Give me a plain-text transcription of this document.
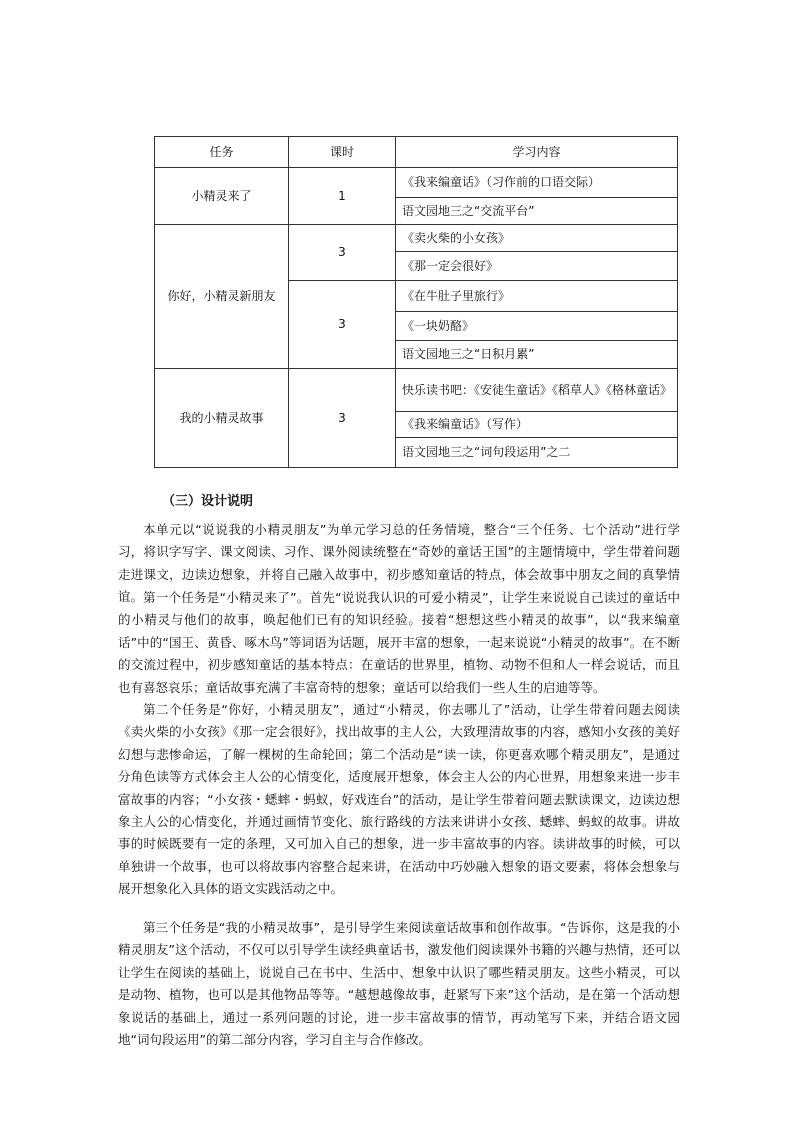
任务	课时	学习内容
小精灵来了	1	《我来编童话》（习作前的口语交际）
		语文园地三之“交流平台”
你好，小精灵新朋友	3	《卖火柴的小女孩》
		《那一定会很好》
	3	《在牛肚子里旅行》
		《一块奶酪》
		语文园地三之“日积月累”
我的小精灵故事	3	快乐读书吧：《安徒生童话》《稻草人》《格林童话》
		《我来编童话》（写作）
		语文园地三之“词句段运用”之二
（三）设计说明

本单元以“说说我的小精灵朋友”为单元学习总的任务情境，整合“三个任务、七个活动”进行学习，将识字写字、课文阅读、习作、课外阅读统整在“奇妙的童话王国”的主题情境中，学生带着问题走进课文，边读边想象，并将自己融入故事中，初步感知童话的特点，体会故事中朋友之间的真挚情谊。 第一个任务是“小精灵来了”。首先“说说我认识的可爱小精灵”，让学生来说说自己读过的童话中的小精灵与他们的故事，唤起他们已有的知识经验。接着“想想这些小精灵的故事”，以“我来编童话”中的“国王、黄昏、啄木鸟”等词语为话题，展开丰富的想象，一起来说说“小精灵的故事”。在不断的交流过程中，初步感知童话的基本特点：在童话的世界里，植物、动物不但和人一样会说话，而且也有喜怒哀乐；童话故事充满了丰富奇特的想象；童话可以给我们一些人生的启迪等等。

第二个任务是“你好，小精灵朋友”，通过“小精灵，你去哪儿了”活动，让学生带着问题去阅读《卖火柴的小女孩》《那一定会很好》，找出故事的主人公，大致理清故事的内容，感知小女孩的美好幻想与悲惨命运，了解一棵树的生命轮回；第二个活动是“读一读，你更喜欢哪个精灵朋友”，是通过分角色读等方式体会主人公的心情变化，适度展开想象，体会主人公的内心世界，用想象来进一步丰富故事的内容；“小女孩・蟋蟀・蚂蚁，好戏连台”的活动，是让学生带着问题去默读课文，边读边想象主人公的心情变化，并通过画情节变化、旅行路线的方法来讲讲小女孩、蟋蟀、蚂蚁的故事。讲故事的时候既要有一定的条理，又可加入自己的想象，进一步丰富故事的内容。读讲故事的时候，可以单独讲一个故事，也可以将故事内容整合起来讲，在活动中巧妙融入想象的语文要素，将体会想象与展开想象化入具体的语文实践活动之中。

第三个任务是“我的小精灵故事”，是引导学生来阅读童话故事和创作故事。“告诉你，这是我的小精灵朋友”这个活动，不仅可以引导学生读经典童话书，激发他们阅读课外书籍的兴趣与热情，还可以让学生在阅读的基础上，说说自己在书中、生活中、想象中认识了哪些精灵朋友。这些小精灵，可以是动物、植物，也可以是其他物品等等。“越想越像故事，赶紧写下来”这个活动，是在第一个活动想象说话的基础上，通过一系列问题的讨论，进一步丰富故事的情节，再动笔写下来，并结合语文园地“词句段运用”的第二部分内容，学习自主与合作修改。
